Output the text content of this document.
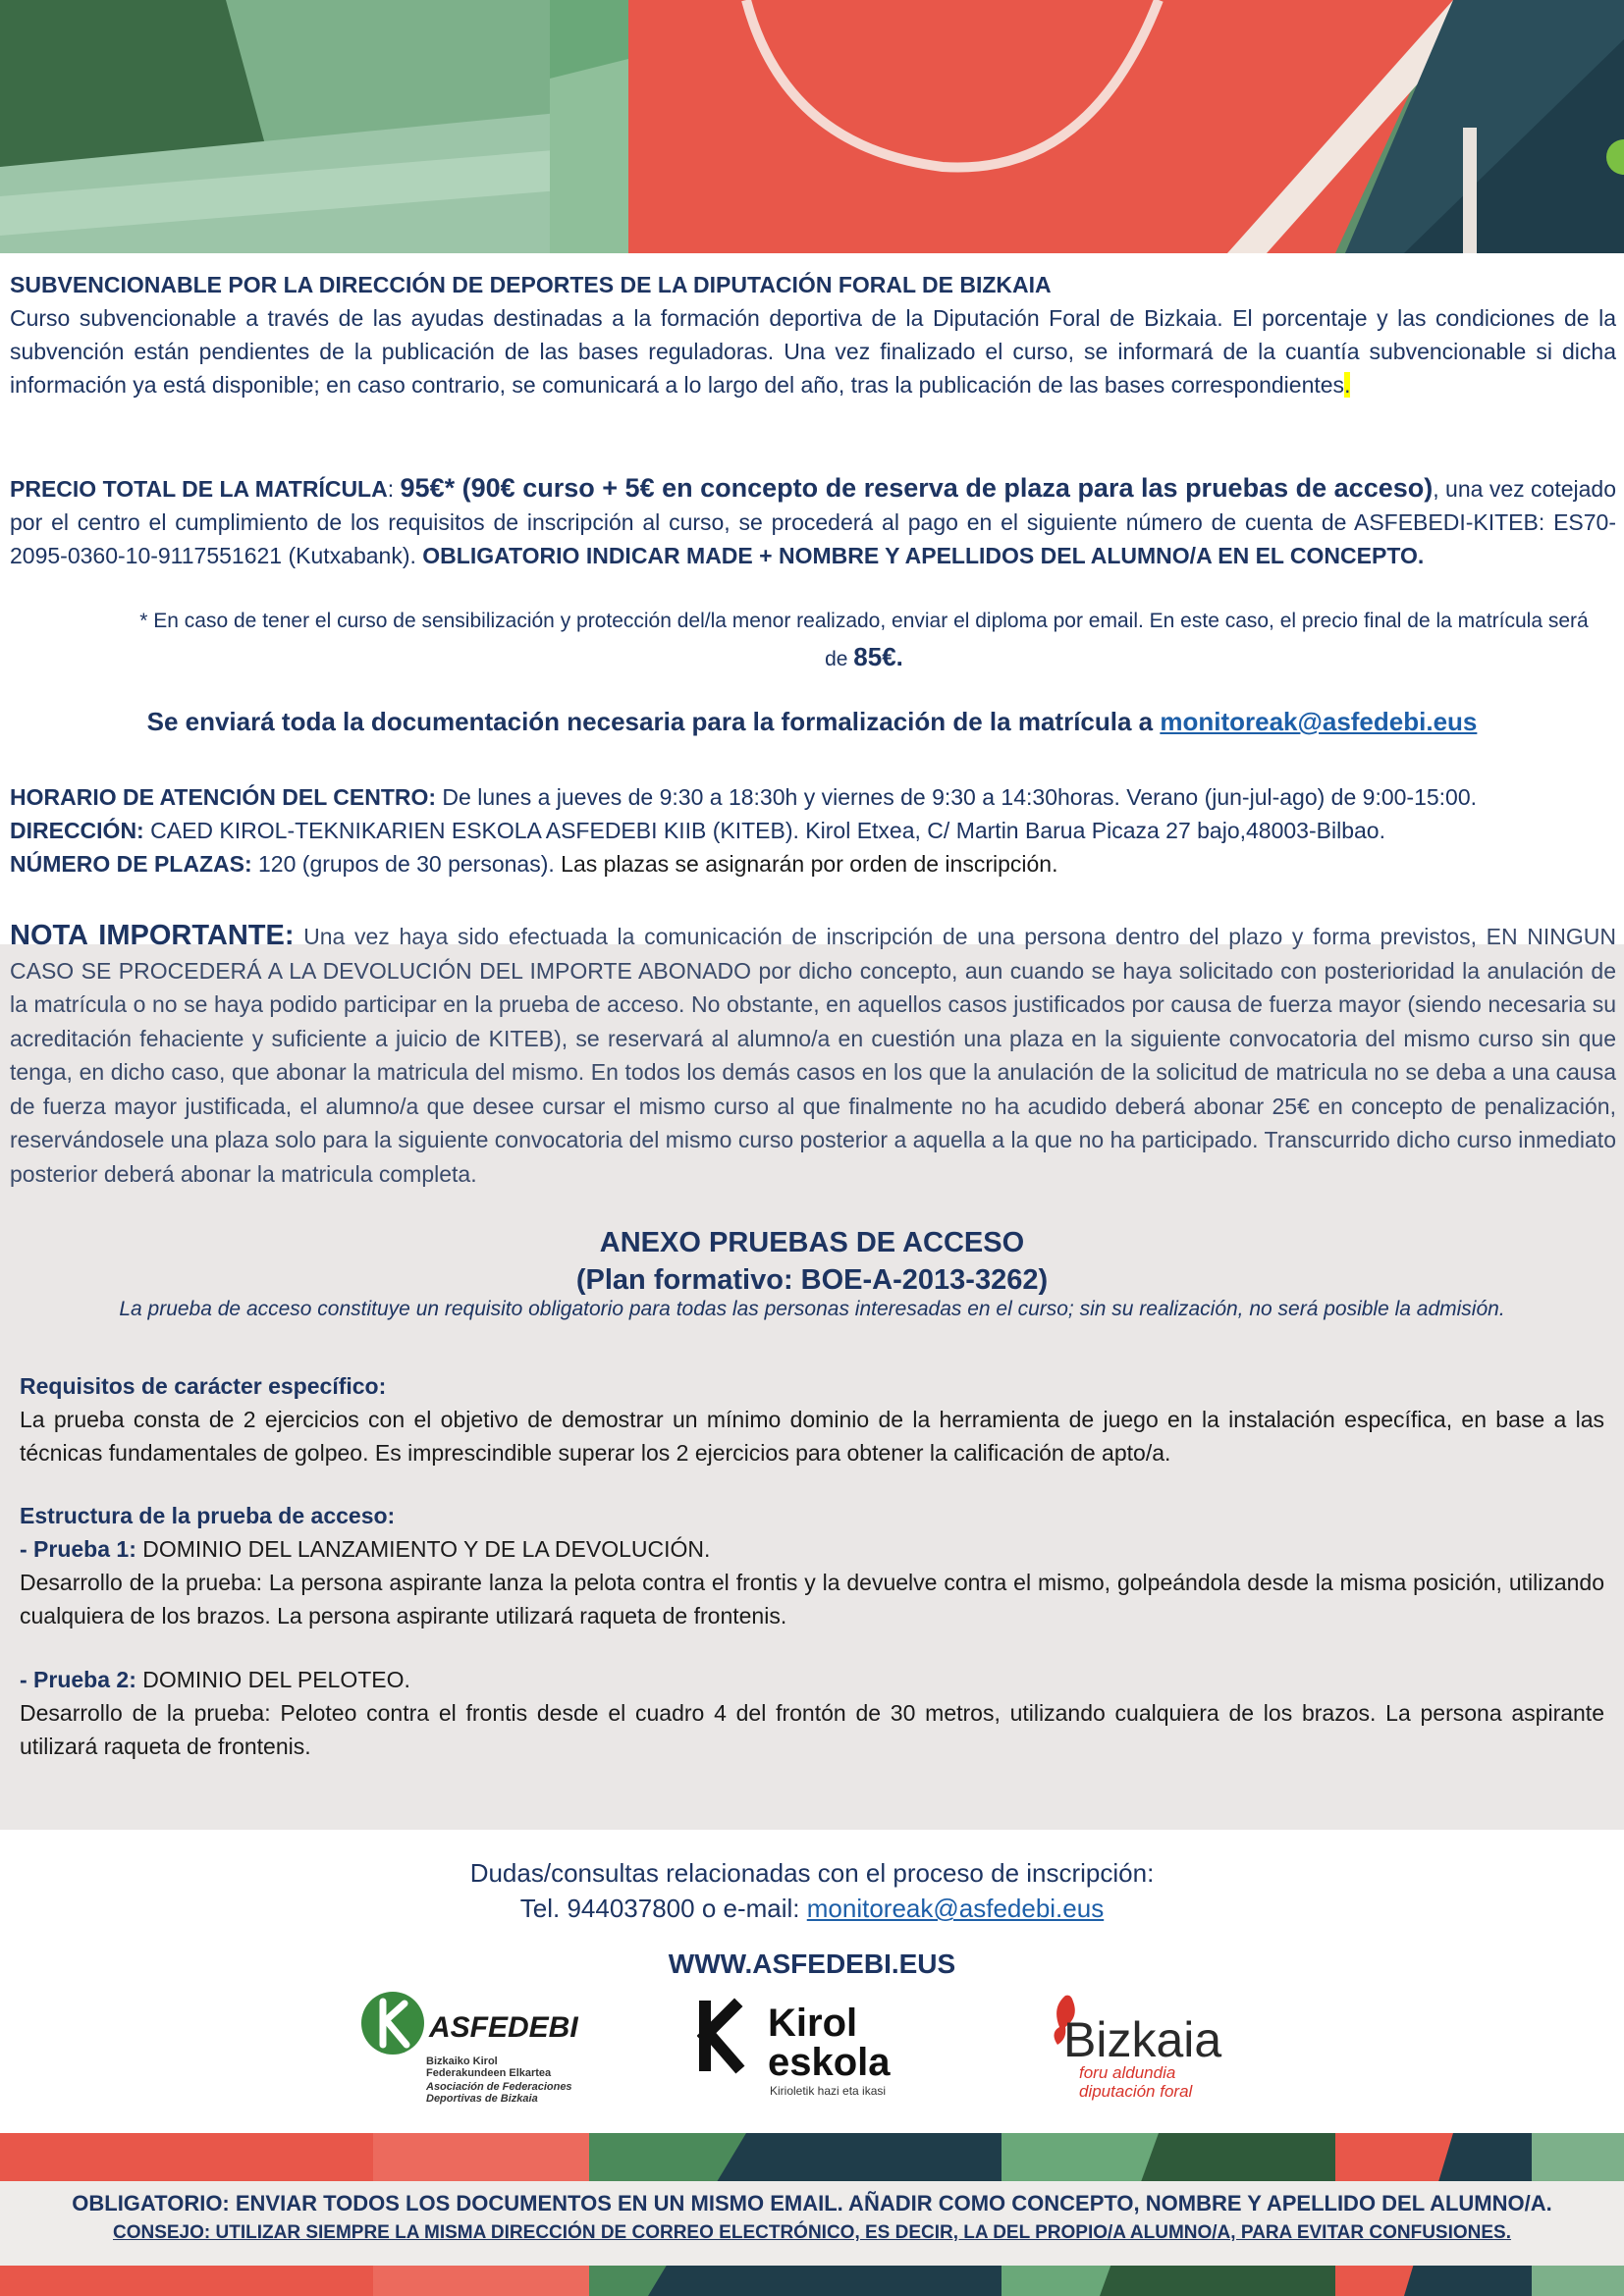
SUBVENCIONABLE POR LA DIRECCIÓN DE DEPORTES DE LA DIPUTACIÓN FORAL DE BIZKAIA
Curso subvencionable a través de las ayudas destinadas a la formación deportiva de la Diputación Foral de Bizkaia. El porcentaje y las condiciones de la subvención están pendientes de la publicación de las bases reguladoras. Una vez finalizado el curso, se informará de la cuantía subvencionable si dicha información ya está disponible; en caso contrario, se comunicará a lo largo del año, tras la publicación de las bases correspondientes.
PRECIO TOTAL DE LA MATRÍCULA: 95€* (90€ curso + 5€ en concepto de reserva de plaza para las pruebas de acceso), una vez cotejado por el centro el cumplimiento de los requisitos de inscripción al curso, se procederá al pago en el siguiente número de cuenta de ASFEBEDI-KITEB: ES70-2095-0360-10-9117551621 (Kutxabank). OBLIGATORIO INDICAR MADE + NOMBRE Y APELLIDOS DEL ALUMNO/A EN EL CONCEPTO.
* En caso de tener el curso de sensibilización y protección del/la menor realizado, enviar el diploma por email. En este caso, el precio final de la matrícula será de 85€.
Se enviará toda la documentación necesaria para la formalización de la matrícula a monitoreak@asfedebi.eus
HORARIO DE ATENCIÓN DEL CENTRO: De lunes a jueves de 9:30 a 18:30h y viernes de 9:30 a 14:30horas. Verano (jun-jul-ago) de 9:00-15:00.
DIRECCIÓN: CAED KIROL-TEKNIKARIEN ESKOLA ASFEDEBI KIIB (KITEB). Kirol Etxea, C/ Martin Barua Picaza 27 bajo,48003-Bilbao.
NÚMERO DE PLAZAS: 120 (grupos de 30 personas). Las plazas se asignarán por orden de inscripción.
NOTA IMPORTANTE: Una vez haya sido efectuada la comunicación de inscripción de una persona dentro del plazo y forma previstos, EN NINGUN CASO SE PROCEDERÁ A LA DEVOLUCIÓN DEL IMPORTE ABONADO por dicho concepto, aun cuando se haya solicitado con posterioridad la anulación de la matrícula o no se haya podido participar en la prueba de acceso. No obstante, en aquellos casos justificados por causa de fuerza mayor (siendo necesaria su acreditación fehaciente y suficiente a juicio de KITEB), se reservará al alumno/a en cuestión una plaza en la siguiente convocatoria del mismo curso sin que tenga, en dicho caso, que abonar la matricula del mismo. En todos los demás casos en los que la anulación de la solicitud de matricula no se deba a una causa de fuerza mayor justificada, el alumno/a que desee cursar el mismo curso al que finalmente no ha acudido deberá abonar 25€ en concepto de penalización, reservándosele una plaza solo para la siguiente convocatoria del mismo curso posterior a aquella a la que no ha participado. Transcurrido dicho curso inmediato posterior deberá abonar la matricula completa.
ANEXO PRUEBAS DE ACCESO
(Plan formativo: BOE-A-2013-3262)
La prueba de acceso constituye un requisito obligatorio para todas las personas interesadas en el curso; sin su realización, no será posible la admisión.
Requisitos de carácter específico:
La prueba consta de 2 ejercicios con el objetivo de demostrar un mínimo dominio de la herramienta de juego en la instalación específica, en base a las técnicas fundamentales de golpeo. Es imprescindible superar los 2 ejercicios para obtener la calificación de apto/a.
Estructura de la prueba de acceso:
- Prueba 1: DOMINIO DEL LANZAMIENTO Y DE LA DEVOLUCIÓN.
Desarrollo de la prueba: La persona aspirante lanza la pelota contra el frontis y la devuelve contra el mismo, golpeándola desde la misma posición, utilizando cualquiera de los brazos. La persona aspirante utilizará raqueta de frontenis.
- Prueba 2: DOMINIO DEL PELOTEO.
Desarrollo de la prueba: Peloteo contra el frontis desde el cuadro 4 del frontón de 30 metros, utilizando cualquiera de los brazos. La persona aspirante utilizará raqueta de frontenis.
Dudas/consultas relacionadas con el proceso de inscripción:
Tel. 944037800 o e-mail: monitoreak@asfedebi.eus
WWW.ASFEDEBI.EUS
ASFEDEBI
Bizkaiko Kirol
Federakundeen Elkartea
Asociación de Federaciones
Deportivas de Bizkaia
Kirol
eskola
Kirioletik hazi eta ikasi
Bizkaia
foru aldundia
diputación foral
OBLIGATORIO: ENVIAR TODOS LOS DOCUMENTOS EN UN MISMO EMAIL. AÑADIR COMO CONCEPTO, NOMBRE Y APELLIDO DEL ALUMNO/A.
CONSEJO: UTILIZAR SIEMPRE LA MISMA DIRECCIÓN DE CORREO ELECTRÓNICO, ES DECIR, LA DEL PROPIO/A ALUMNO/A, PARA EVITAR CONFUSIONES.
